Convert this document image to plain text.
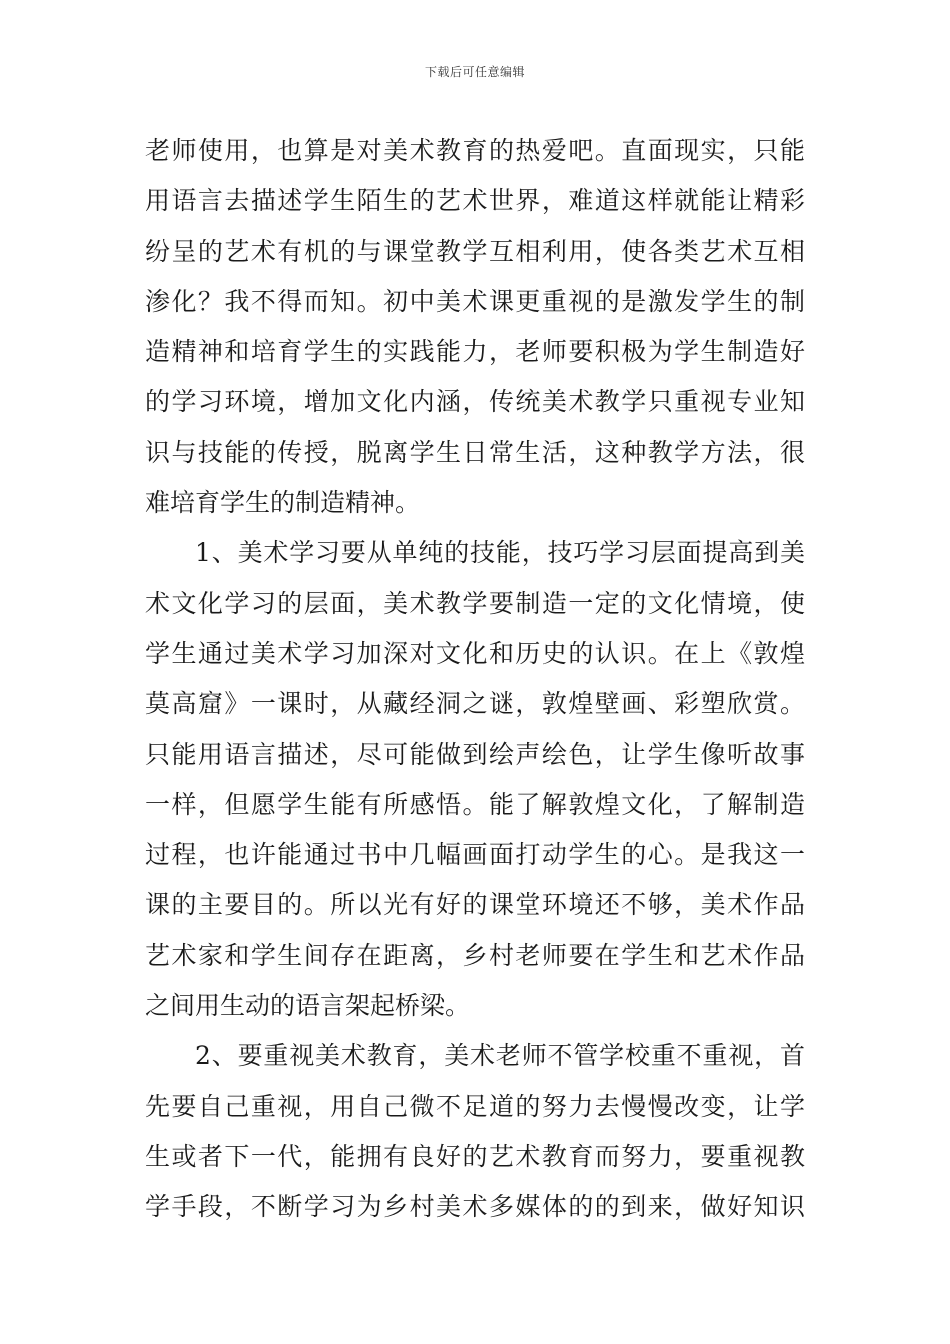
下载后可任意编辑
老师使用，也算是对美术教育的热爱吧。直面现实，只能
用语言去描述学生陌生的艺术世界，难道这样就能让精彩
纷呈的艺术有机的与课堂教学互相利用，使各类艺术互相
渗化？我不得而知。初中美术课更重视的是激发学生的制
造精神和培育学生的实践能力，老师要积极为学生制造好
的学习环境，增加文化内涵，传统美术教学只重视专业知
识与技能的传授，脱离学生日常生活，这种教学方法，很
难培育学生的制造精神。
1、美术学习要从单纯的技能，技巧学习层面提高到美
术文化学习的层面，美术教学要制造一定的文化情境，使
学生通过美术学习加深对文化和历史的认识。在上《敦煌
莫高窟》一课时，从藏经洞之谜，敦煌壁画、彩塑欣赏。
只能用语言描述，尽可能做到绘声绘色，让学生像听故事
一样，但愿学生能有所感悟。能了解敦煌文化，了解制造
过程，也许能通过书中几幅画面打动学生的心。是我这一
课的主要目的。所以光有好的课堂环境还不够，美术作品
艺术家和学生间存在距离，乡村老师要在学生和艺术作品
之间用生动的语言架起桥梁。
2、要重视美术教育，美术老师不管学校重不重视，首
先要自己重视，用自己微不足道的努力去慢慢改变，让学
生或者下一代，能拥有良好的艺术教育而努力，要重视教
学手段，不断学习为乡村美术多媒体的的到来，做好知识
